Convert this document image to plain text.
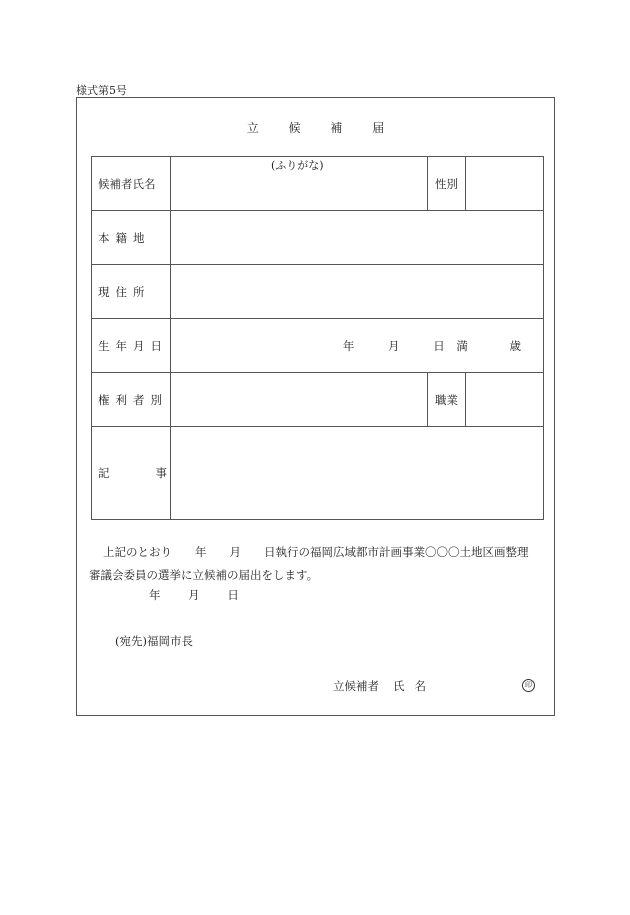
様式第5号
立 候 補 届
候補者氏名	(ふりがな)	性別	
本籍地			
現住所			
生年月日	年 月 日 満 歳		
権利者別		職業	
記 事			
上記のとおり　　年　　月　　日執行の福岡広域都市計画事業〇〇〇土地区画整理
審議会委員の選挙に立候補の届出をします。
年 月 日
(宛先)福岡市長
立候補者 氏名	印
